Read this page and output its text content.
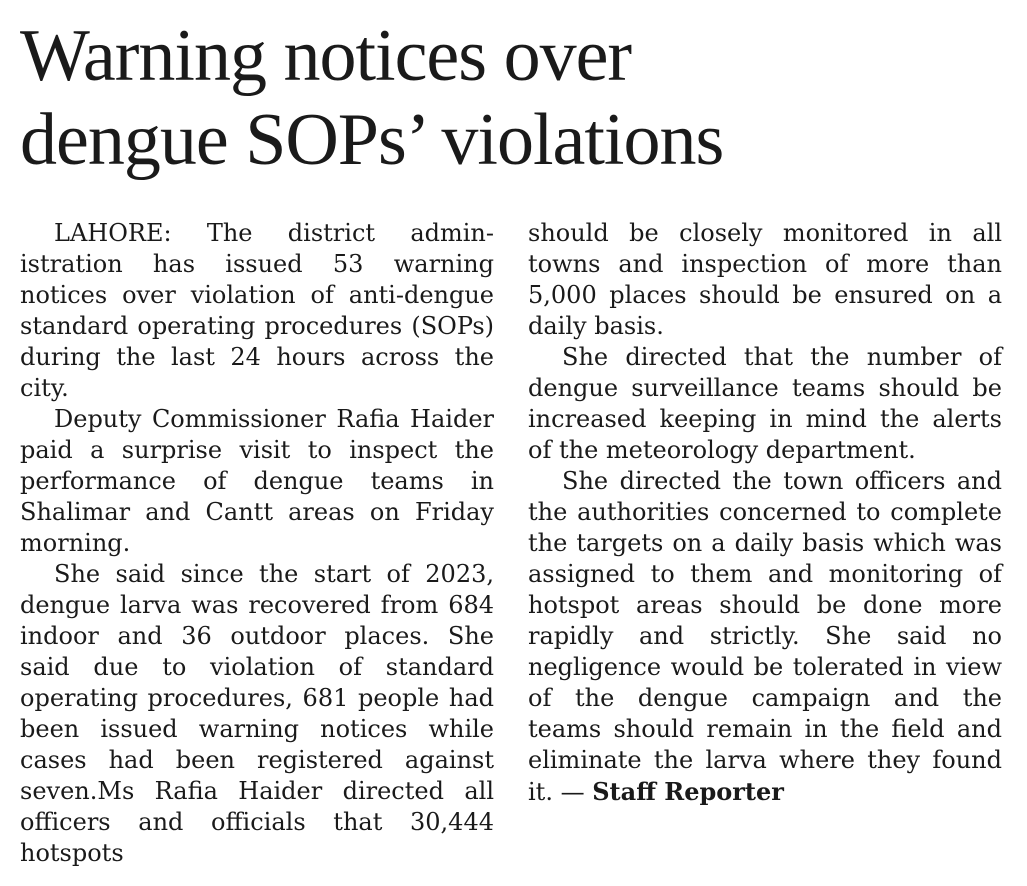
Warning notices over
dengue SOPs’ violations

LAHORE: The district administration has issued 53 warning notices over violation of anti-dengue standard operating procedures (SOPs) during the last 24 hours across the city.

Deputy Commissioner Rafia Haider paid a surprise visit to inspect the performance of dengue teams in Shalimar and Cantt areas on Friday morning.

She said since the start of 2023, dengue larva was recovered from 684 indoor and 36 outdoor places. She said due to violation of standard operating procedures, 681 people had been issued warning notices while cases had been registered against seven.Ms Rafia Haider directed all officers and officials that 30,444 hotspots

should be closely monitored in all towns and inspection of more than 5,000 places should be ensured on a daily basis.

She directed that the number of dengue surveillance teams should be increased keeping in mind the alerts of the meteorology department.

She directed the town officers and the authorities concerned to complete the targets on a daily basis which was assigned to them and monitoring of hotspot areas should be done more rapidly and strictly. She said no negligence would be tolerated in view of the dengue campaign and the teams should remain in the field and eliminate the larva where they found it. — Staff Reporter
